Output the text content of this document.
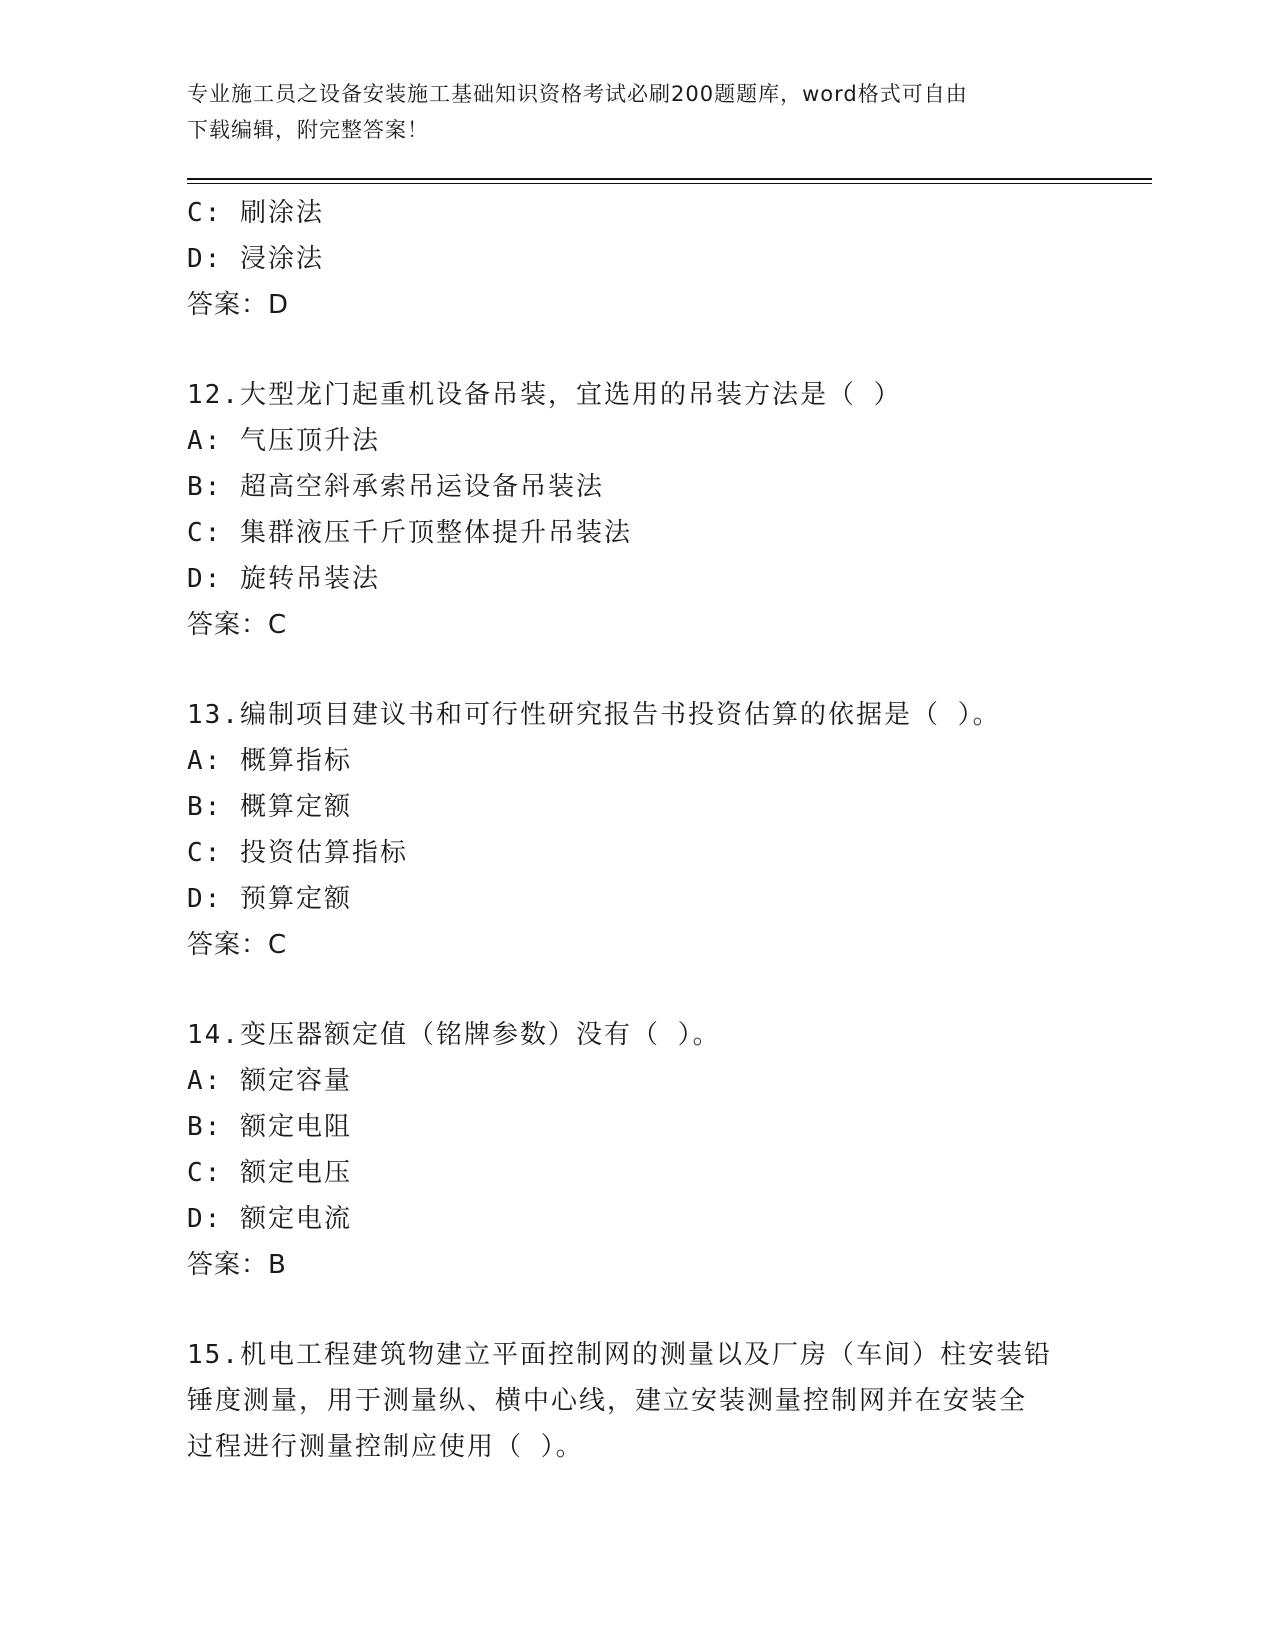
专业施工员之设备安装施工基础知识资格考试必刷200题题库，word格式可自由
下载编辑，附完整答案！
C: 刷涂法
D: 浸涂法
答案：D
12.大型龙门起重机设备吊装，宜选用的吊装方法是（ ）
A: 气压顶升法
B: 超高空斜承索吊运设备吊装法
C: 集群液压千斤顶整体提升吊装法
D: 旋转吊装法
答案：C
13.编制项目建议书和可行性研究报告书投资估算的依据是（ ）。
A: 概算指标
B: 概算定额
C: 投资估算指标
D: 预算定额
答案：C
14.变压器额定值（铭牌参数）没有（ ）。
A: 额定容量
B: 额定电阻
C: 额定电压
D: 额定电流
答案：B
15.机电工程建筑物建立平面控制网的测量以及厂房（车间）柱安装铅
锤度测量，用于测量纵、横中心线，建立安装测量控制网并在安装全
过程进行测量控制应使用（ ）。
